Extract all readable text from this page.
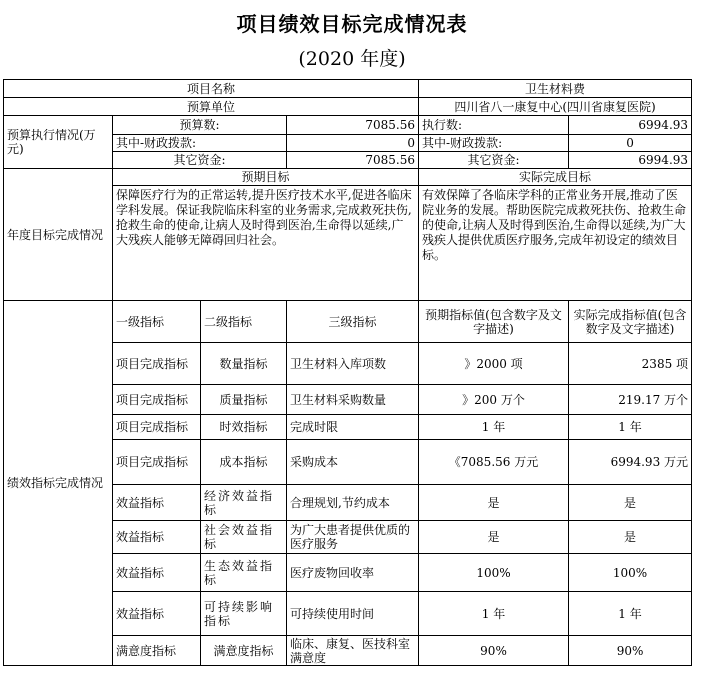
项目绩效目标完成情况表
(2020 年度)
项目名称				卫生材料费	
预算单位				四川省八一康复中心(四川省康复医院)	
预算执行情况(万元)	预算数:		7085.56	执行数:	6994.93
	其中-财政拨款:		0	其中-财政拨款:	0
	其它资金:		7085.56	其它资金:	6994.93
年度目标完成情况	预期目标			实际完成目标	
	保障医疗行为的正常运转,提升医疗技术水平,促进各临床学科发展。保证我院临床科室的业务需求,完成救死扶伤,抢救生命的使命,让病人及时得到医治,生命得以延续,广大残疾人能够无障碍回归社会。			有效保障了各临床学科的正常业务开展,推动了医院业务的发展。帮助医院完成救死扶伤、抢救生命的使命,让病人及时得到医治,生命得以延续,为广大残疾人提供优质医疗服务,完成年初设定的绩效目标。	
绩效指标完成情况	一级指标	二级指标	三级指标	预期指标值(包含数字及文字描述)	实际完成指标值(包含数字及文字描述)
	项目完成指标	数量指标	卫生材料入库项数	》2000 项	2385 项
	项目完成指标	质量指标	卫生材料采购数量	》200 万个	219.17 万个
	项目完成指标	时效指标	完成时限	1 年	1 年
	项目完成指标	成本指标	采购成本	《7085.56 万元	6994.93 万元
	效益指标	经济效益指标	合理规划,节约成本	是	是
	效益指标	社会效益指标	为广大患者提供优质的医疗服务	是	是
	效益指标	生态效益指标	医疗废物回收率	100%	100%
	效益指标	可持续影响指标	可持续使用时间	1 年	1 年
	满意度指标	满意度指标	临床、康复、医技科室满意度	90%	90%
